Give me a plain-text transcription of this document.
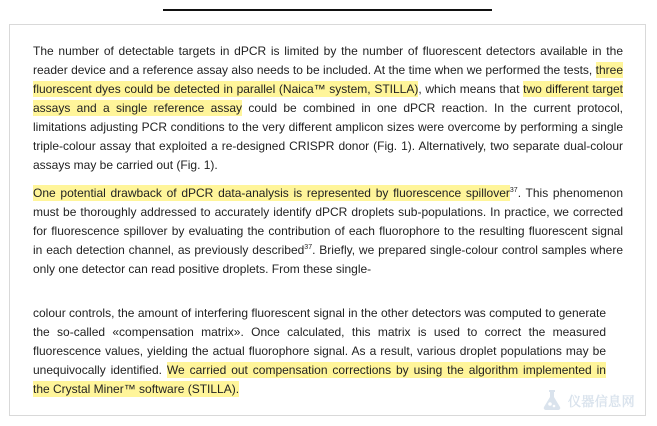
The number of detectable targets in dPCR is limited by the number of fluorescent detectors available in the reader device and a reference assay also needs to be included. At the time when we performed the tests, three fluorescent dyes could be detected in parallel (Naica™ system, STILLA), which means that two different target assays and a single reference assay could be combined in one dPCR reaction. In the current protocol, limitations adjusting PCR conditions to the very different amplicon sizes were overcome by performing a single triple-colour assay that exploited a re-designed CRISPR donor (Fig. 1). Alternatively, two separate dual-colour assays may be carried out (Fig. 1).
One potential drawback of dPCR data-analysis is represented by fluorescence spillover$^{37}$. This phenomenon must be thoroughly addressed to accurately identify dPCR droplets sub-populations. In practice, we corrected for fluorescence spillover by evaluating the contribution of each fluorophore to the resulting fluorescent signal in each detection channel, as previously described$^{37}$. Briefly, we prepared single-colour control samples where only one detector can read positive droplets. From these single-
colour controls, the amount of interfering fluorescent signal in the other detectors was computed to generate the so-called «compensation matrix». Once calculated, this matrix is used to correct the measured fluorescence values, yielding the actual fluorophore signal. As a result, various droplet populations may be unequivocally identified. We carried out compensation corrections by using the algorithm implemented in the Crystal Miner™ software (STILLA).
仪器信息网
